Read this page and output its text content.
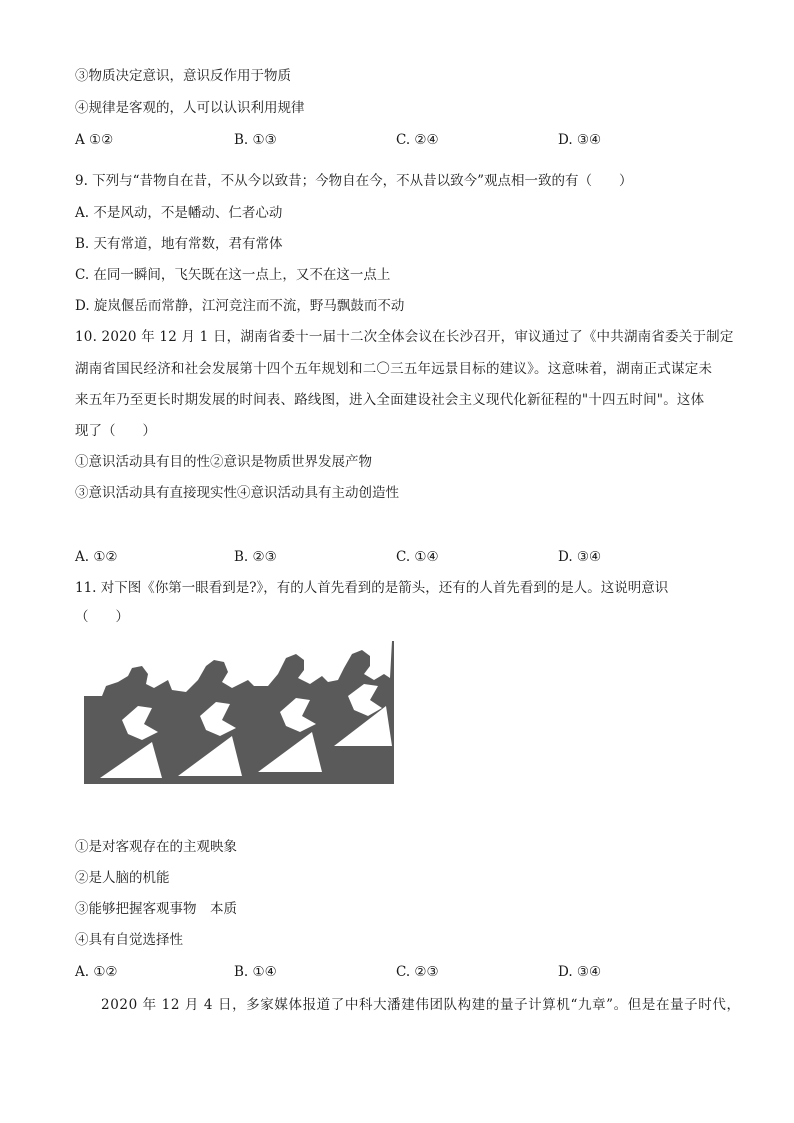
③物质决定意识，意识反作用于物质
④规律是客观的，人可以认识利用规律
A ①②	B. ①③	C. ②④	D. ③④
9. 下列与“昔物自在昔，不从今以致昔；今物自在今，不从昔以致今”观点相一致的有（　　）
A. 不是风动，不是幡动、仁者心动
B. 天有常道，地有常数，君有常体
C. 在同一瞬间，飞矢既在这一点上，又不在这一点上
D. 旋岚偃岳而常静，江河竞注而不流，野马飘鼓而不动
10. 2020 年 12 月 1 日，湖南省委十一届十二次全体会议在长沙召开，审议通过了《中共湖南省委关于制定
湖南省国民经济和社会发展第十四个五年规划和二〇三五年远景目标的建议》。这意味着，湖南正式谋定未
来五年乃至更长时期发展的时间表、路线图，进入全面建设社会主义现代化新征程的"十四五时间"。这体
现了（　　）
①意识活动具有目的性②意识是物质世界发展产物
③意识活动具有直接现实性④意识活动具有主动创造性
A. ①②	B. ②③	C. ①④	D. ③④
11. 对下图《你第一眼看到是?》，有的人首先看到的是箭头，还有的人首先看到的是人。这说明意识
（　　）
①是对客观存在的主观映象
②是人脑的机能
③能够把握客观事物　本质
④具有自觉选择性
A. ①②	B. ①④	C. ②③	D. ③④
2020 年 12 月 4 日，多家媒体报道了中科大潘建伟团队构建的量子计算机“九章”。但是在量子时代，
